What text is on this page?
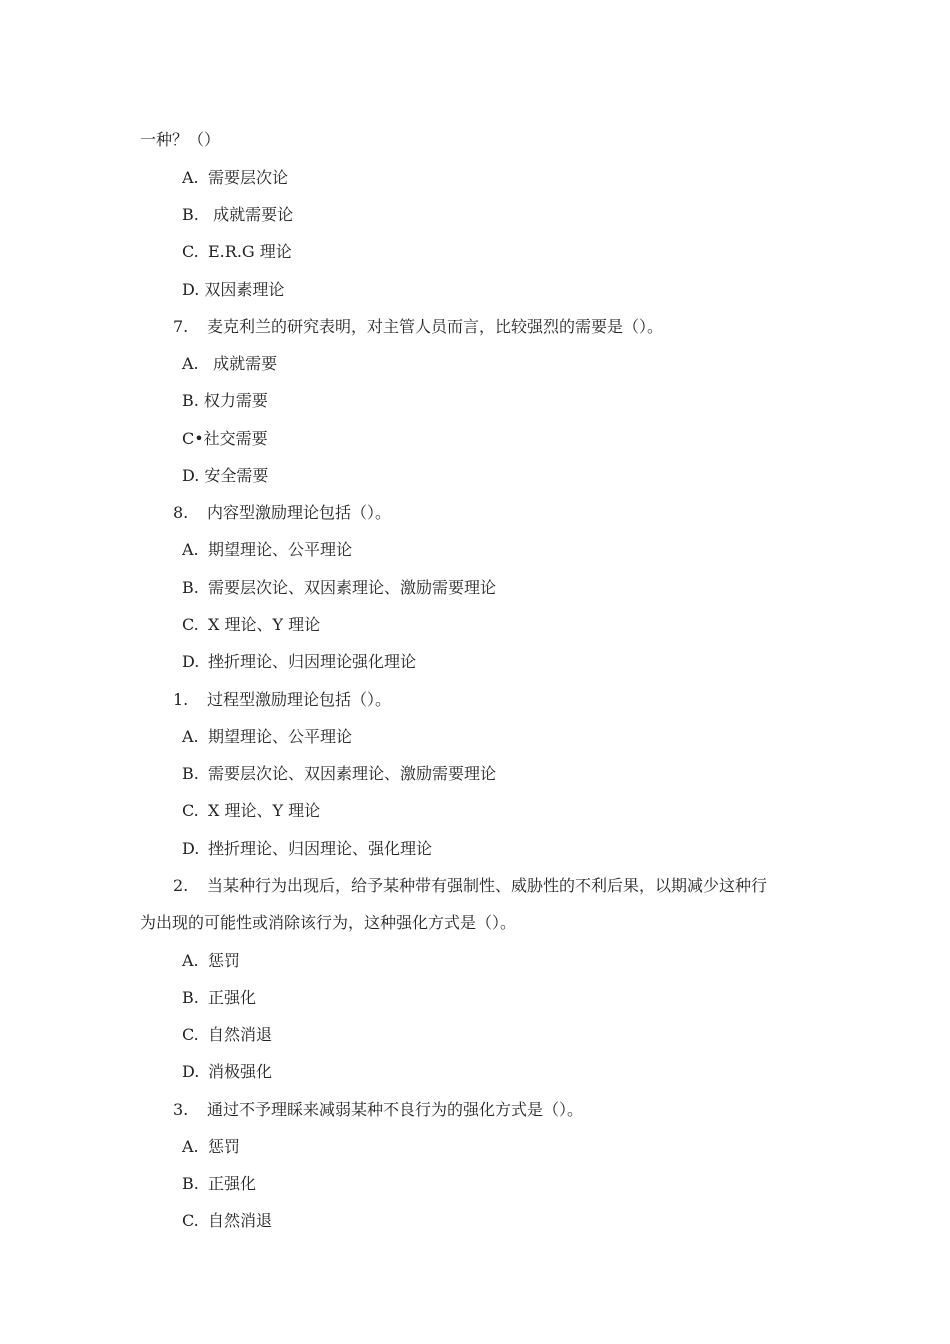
一种？（）
A. 需要层次论
B. 成就需要论
C. E.R.G 理论
D. 双因素理论
7. 麦克利兰的研究表明，对主管人员而言，比较强烈的需要是（）。
A. 成就需要
B. 权力需要
C•社交需要
D. 安全需要
8. 内容型激励理论包括（）。
A. 期望理论、公平理论
B. 需要层次论、双因素理论、激励需要理论
C. X 理论、Y 理论
D. 挫折理论、归因理论强化理论
1. 过程型激励理论包括（）。
A. 期望理论、公平理论
B. 需要层次论、双因素理论、激励需要理论
C. X 理论、Y 理论
D. 挫折理论、归因理论、强化理论
2. 当某种行为出现后，给予某种带有强制性、威胁性的不利后果，以期减少这种行
为出现的可能性或消除该行为，这种强化方式是（）。
A. 惩罚
B. 正强化
C. 自然消退
D. 消极强化
3. 通过不予理睬来减弱某种不良行为的强化方式是（）。
A. 惩罚
B. 正强化
C. 自然消退
